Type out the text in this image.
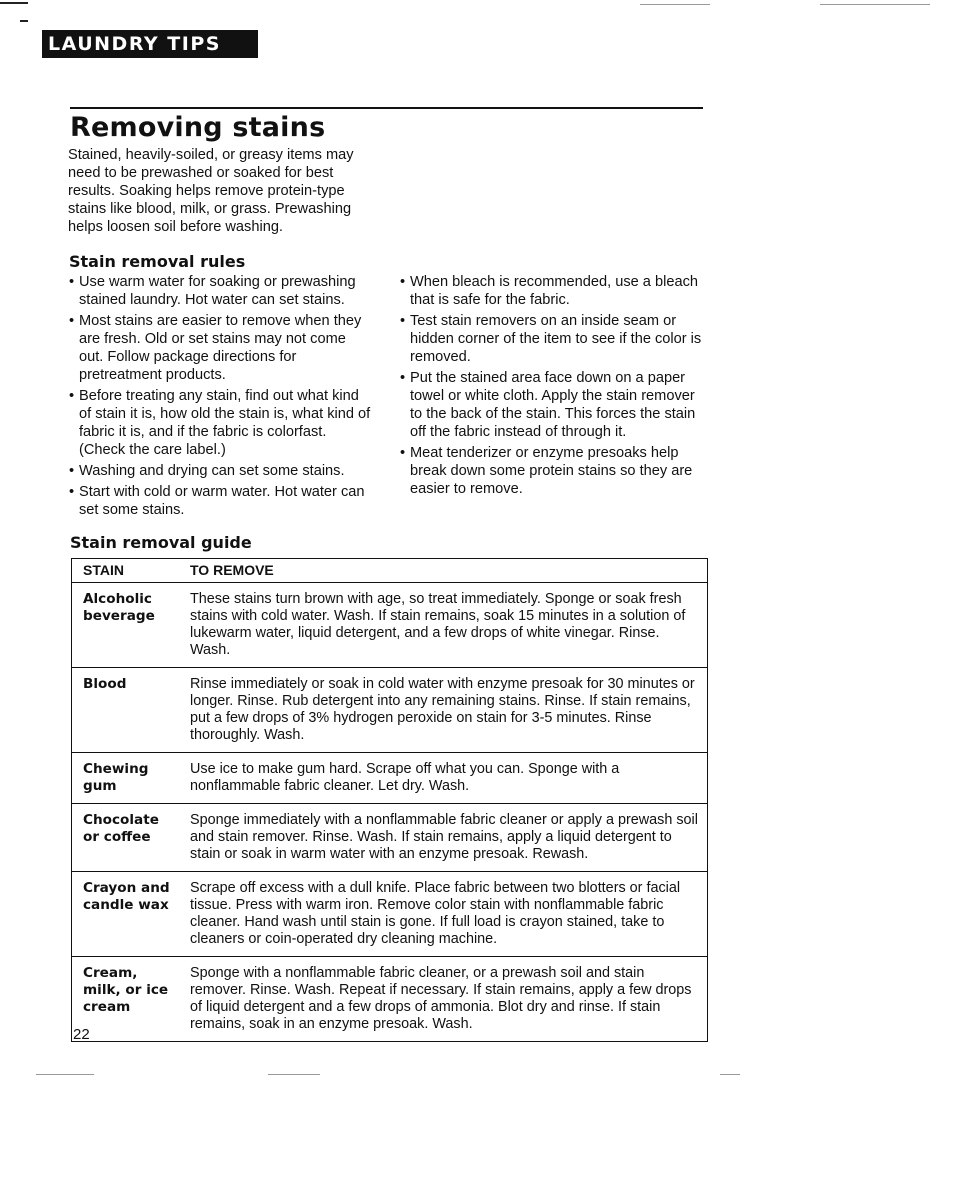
LAUNDRY TIPS
Removing stains
Stained, heavily-soiled, or greasy items may need to be prewashed or soaked for best results. Soaking helps remove protein-type stains like blood, milk, or grass. Prewashing helps loosen soil before washing.
Stain removal rules
• Use warm water for soaking or prewashing stained laundry. Hot water can set stains.
• Most stains are easier to remove when they are fresh. Old or set stains may not come out. Follow package directions for pretreatment products.
• Before treating any stain, find out what kind of stain it is, how old the stain is, what kind of fabric it is, and if the fabric is colorfast. (Check the care label.)
• Washing and drying can set some stains.
• Start with cold or warm water. Hot water can set some stains.
• When bleach is recommended, use a bleach that is safe for the fabric.
• Test stain removers on an inside seam or hidden corner of the item to see if the color is removed.
• Put the stained area face down on a paper towel or white cloth. Apply the stain remover to the back of the stain. This forces the stain off the fabric instead of through it.
• Meat tenderizer or enzyme presoaks help break down some protein stains so they are easier to remove.
Stain removal guide
STAIN	TO REMOVE
Alcoholic beverage	These stains turn brown with age, so treat immediately. Sponge or soak fresh stains with cold water. Wash. If stain remains, soak 15 minutes in a solution of lukewarm water, liquid detergent, and a few drops of white vinegar. Rinse. Wash.
Blood	Rinse immediately or soak in cold water with enzyme presoak for 30 minutes or longer. Rinse. Rub detergent into any remaining stains. Rinse. If stain remains, put a few drops of 3% hydrogen peroxide on stain for 3-5 minutes. Rinse thoroughly. Wash.
Chewing gum	Use ice to make gum hard. Scrape off what you can. Sponge with a nonflammable fabric cleaner. Let dry. Wash.
Chocolate or coffee	Sponge immediately with a nonflammable fabric cleaner or apply a prewash soil and stain remover. Rinse. Wash. If stain remains, apply a liquid detergent to stain or soak in warm water with an enzyme presoak. Rewash.
Crayon and candle wax	Scrape off excess with a dull knife. Place fabric between two blotters or facial tissue. Press with warm iron. Remove color stain with nonflammable fabric cleaner. Hand wash until stain is gone. If full load is crayon stained, take to cleaners or coin-operated dry cleaning machine.
Cream, milk, or ice cream	Sponge with a nonflammable fabric cleaner, or a prewash soil and stain remover. Rinse. Wash. Repeat if necessary. If stain remains, apply a few drops of liquid detergent and a few drops of ammonia. Blot dry and rinse. If stain remains, soak in an enzyme presoak. Wash.
22
